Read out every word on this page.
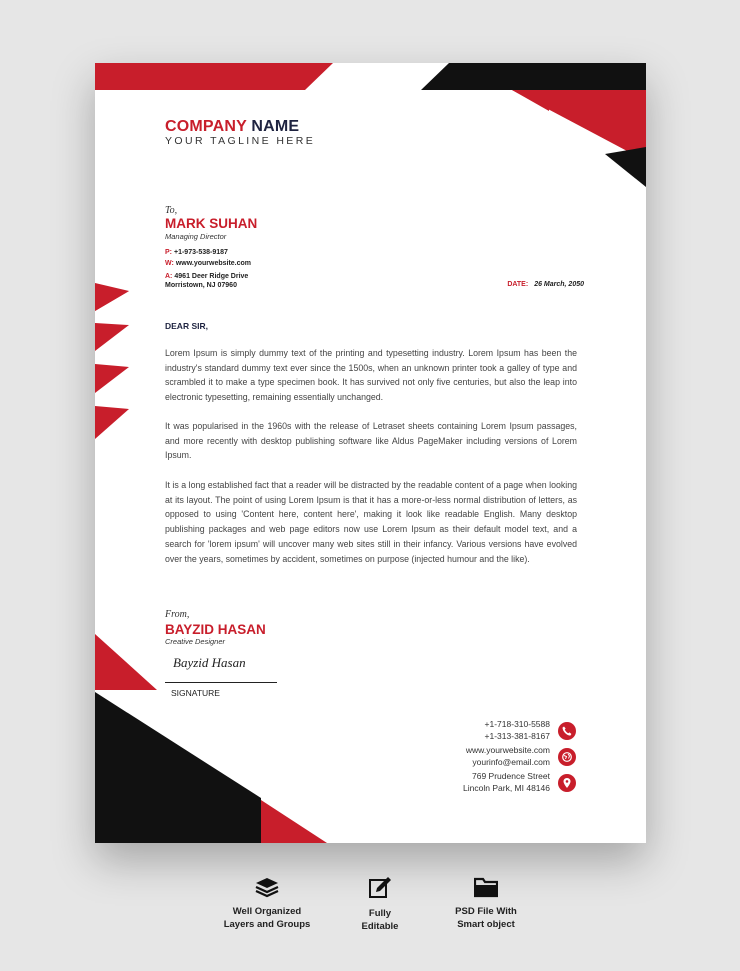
COMPANY NAME
YOUR TAGLINE HERE
To,
MARK SUHAN
Managing Director
P: +1-973-538-9187
W: www.yourwebsite.com
A: 4961 Deer Ridge Drive
Morristown, NJ 07960	DATE: 26 March, 2050
DEAR SIR,

Lorem Ipsum is simply dummy text of the printing and typesetting industry. Lorem Ipsum has been the industry's standard dummy text ever since the 1500s, when an unknown printer took a galley of type and scrambled it to make a type specimen book. It has survived not only five centuries, but also the leap into electronic typesetting, remaining essentially unchanged.

It was popularised in the 1960s with the release of Letraset sheets containing Lorem Ipsum passages, and more recently with desktop publishing software like Aldus PageMaker including versions of Lorem Ipsum.

It is a long established fact that a reader will be distracted by the readable content of a page when looking at its layout. The point of using Lorem Ipsum is that it has a more-or-less normal distribution of letters, as opposed to using 'Content here, content here', making it look like readable English. Many desktop publishing packages and web page editors now use Lorem Ipsum as their default model text, and a search for 'lorem ipsum' will uncover many web sites still in their infancy. Various versions have evolved over the years, sometimes by accident, sometimes on purpose (injected humour and the like).

From,
BAYZID HASAN
Creative Designer
Bayzid Hasan
SIGNATURE
+1-718-310-5588
+1-313-381-8167
www.yourwebsite.com
yourinfo@email.com
769 Prudence Street
Lincoln Park, MI 48146
Well Organized
Layers and Groups
Fully
Editable
PSD File With
Smart object
